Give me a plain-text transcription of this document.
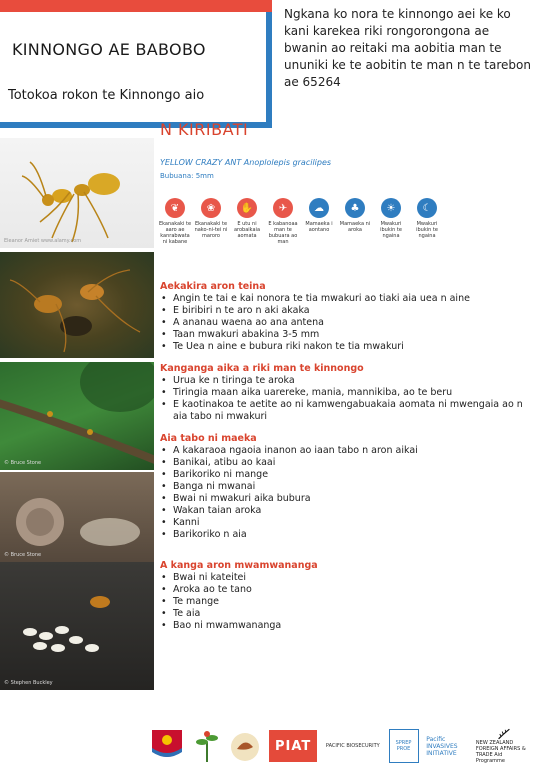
KINNONGO AE BABOBO
Totokoa rokon te Kinnongo aio
Ngkana ko nora te kinnongo aei ke ko kani karekea riki rongorongona ae bwanin ao reitaki ma aobitia man te ununiki ke te aobitin te man n te tarebon ae 65264
N KIRIBATI
Eleanor Amiet www.alamy.com
© Bruce Stone
© Bruce Stone
© Stephen Buckley
YELLOW CRAZY ANT Anoplolepis gracilipes
Bubuana: 5mm
❦
Ekanakaki te aaro ae kanrabwata ni kabane
❀
Ekanakaki te nako-ni-tei ni maroro
✋
E utu ni arobaikaia aomata
✈
E kabanoaa man te bubuara ao man
☁
Mamaeka i aontano
♣
Mamaeka ni aroka
☀
Mwakuri ibukin te ngaina
☾
Mwakuri ibukin te ngaina
Aekakira aron teina
• Angin te tai e kai nonora te tia mwakuri ao tiaki aia uea n aine
• E biribiri n te aro n aki akaka
• A ananau waena ao ana antena
• Taan mwakuri abakina 3-5 mm
• Te Uea n aine e bubura riki nakon te tia mwakuri
Kanganga aika a riki man te kinnongo
• Urua ke n tiringa te aroka
• Tiringia maan aika uarereke, mania, mannikiba, ao te beru
• E kaotinakoa te aetite ao ni kamwengabuakaia aomata ni mwengaia ao n aia tabo ni mwakuri
Aia tabo ni maeka
• A kakaraoa ngaoia inanon ao iaan tabo n aron aikai
• Banikai, atibu ao kaai
• Barikoriko ni mange
• Banga ni mwanai
• Bwai ni mwakuri aika bubura
• Wakan taian aroka
• Kanni
• Barikoriko n aia
A kanga aron mwamwananga
• Bwai ni kateitei
• Aroka ao te tano
• Te mange
• Te aia
• Bao ni mwamwananga
PIAT	PACIFIC BIOSECURITY	SPREP PROE
Pacific INVASIVES INITIATIVE
NEW ZEALAND FOREIGN AFFAIRS & TRADE Aid Programme
